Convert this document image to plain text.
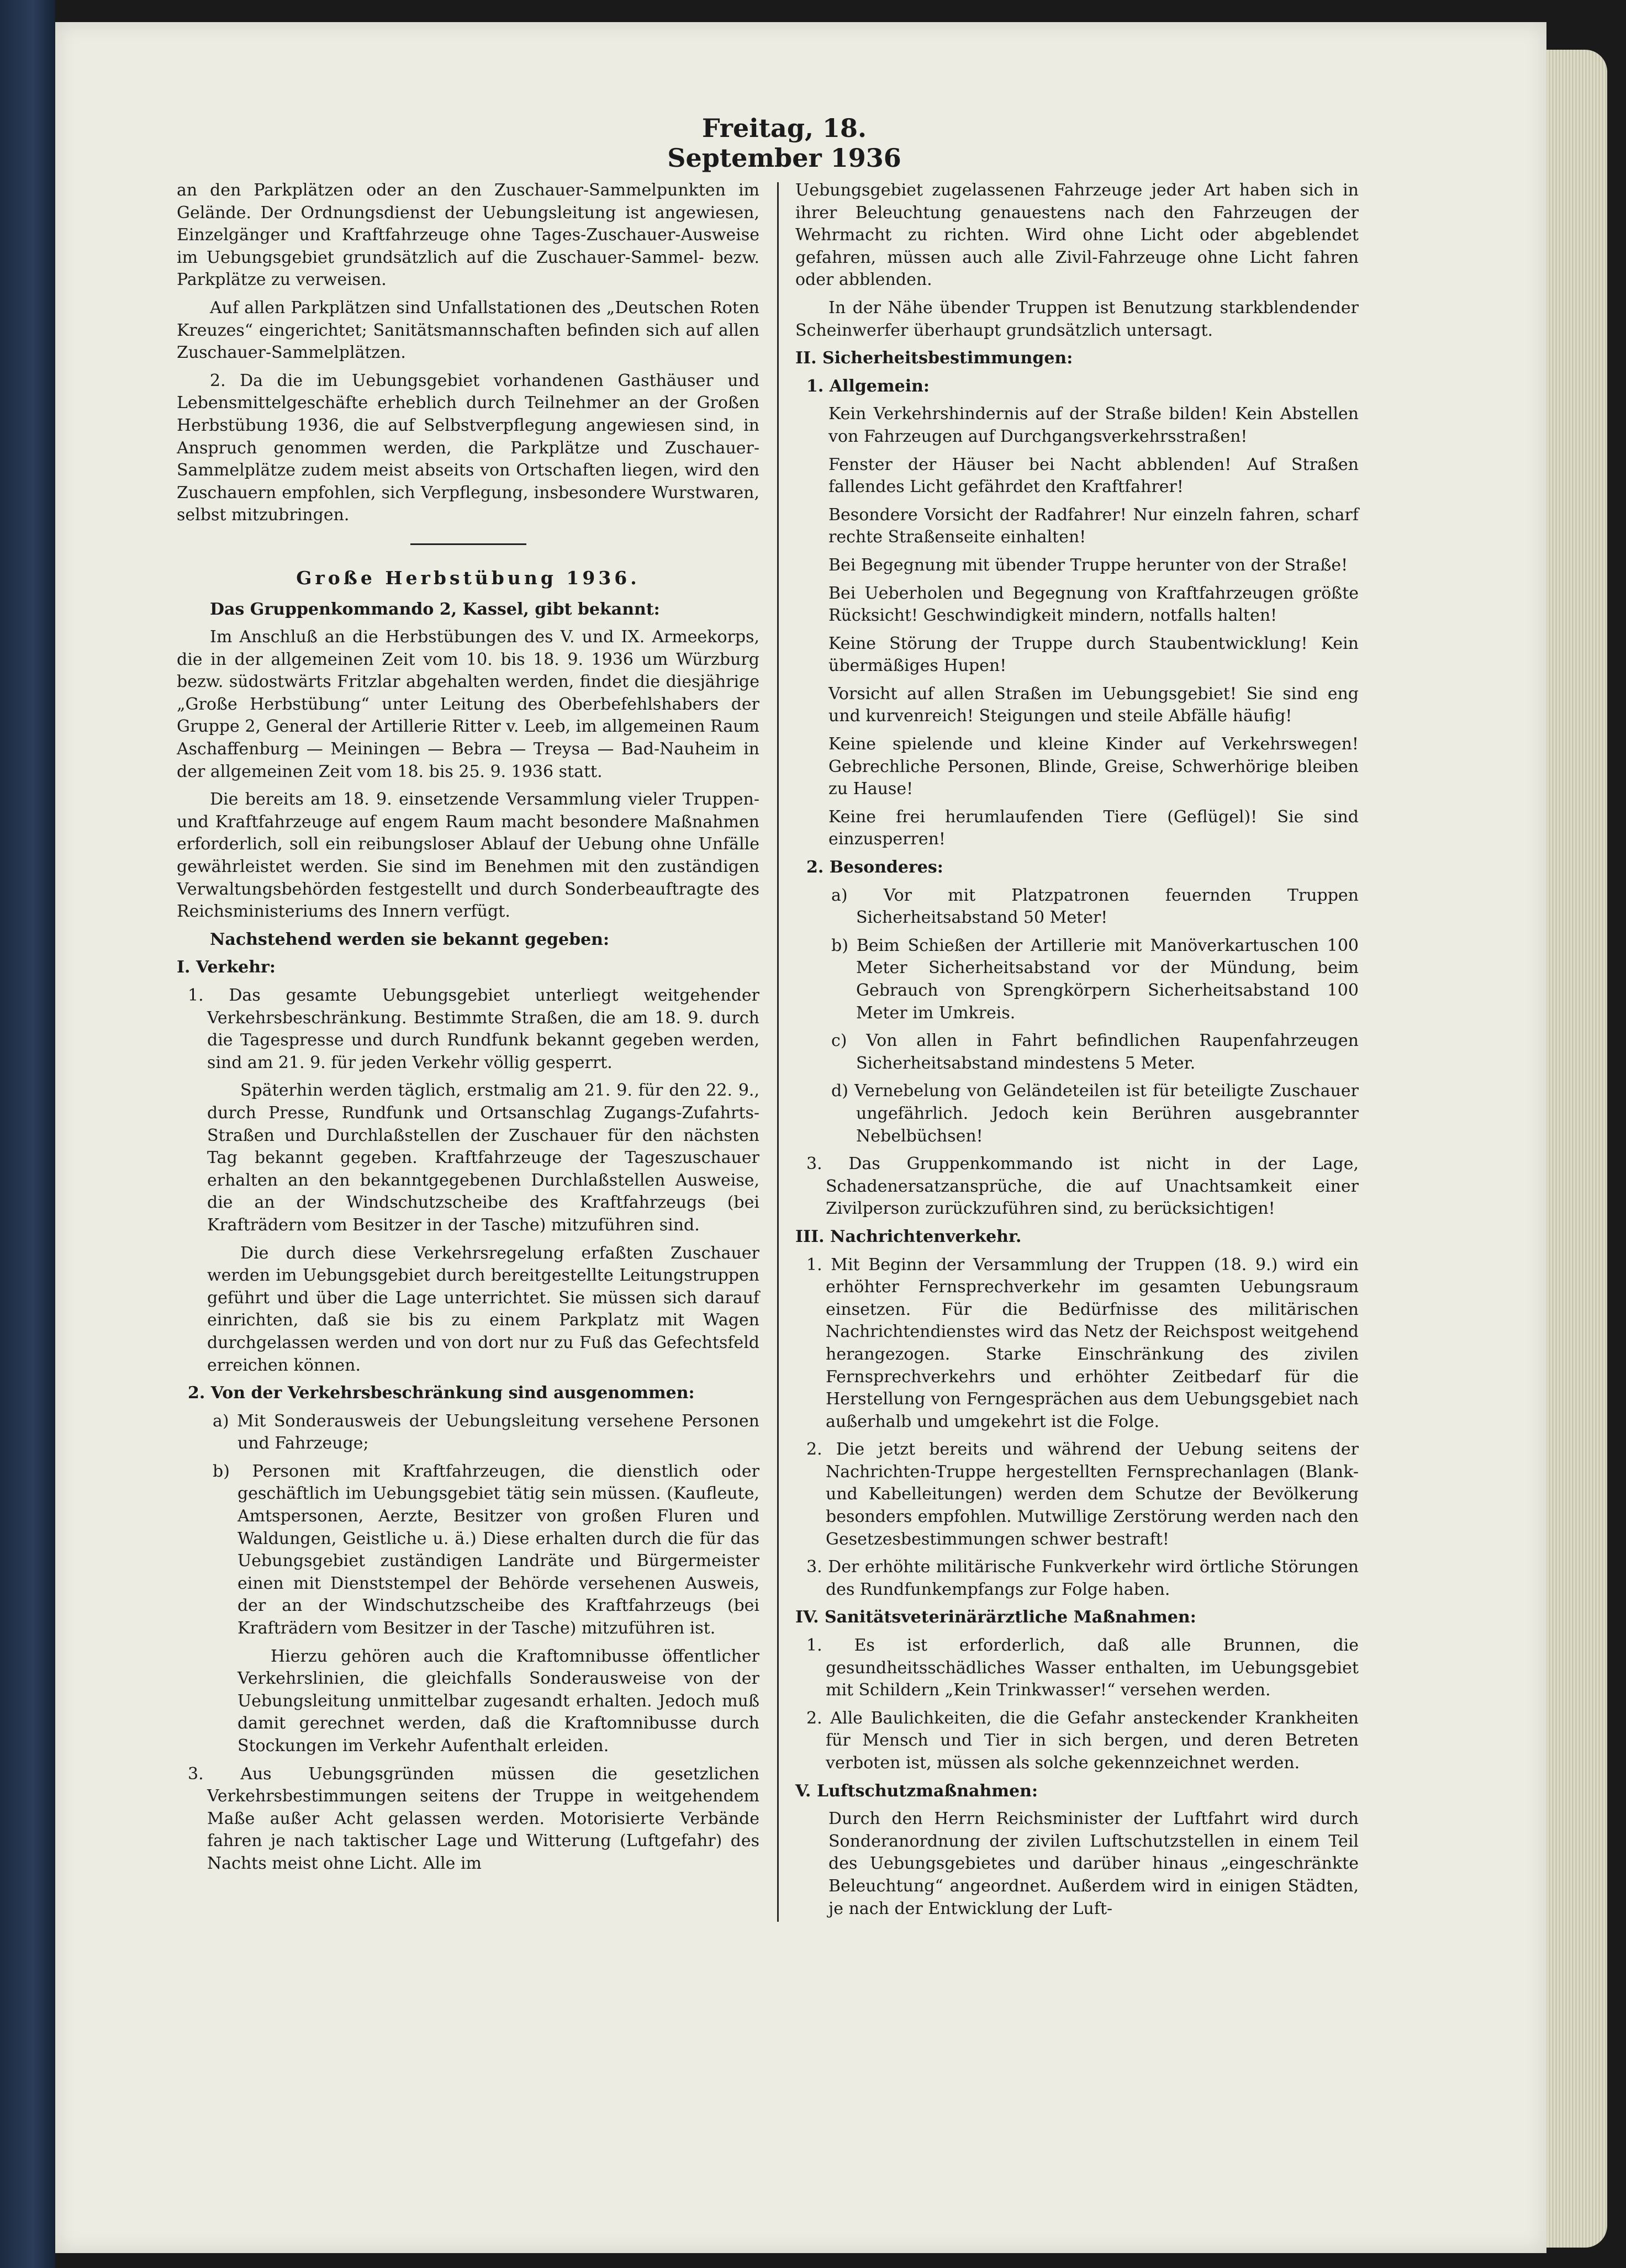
Freitag, 18. September 1936

an den Parkplätzen oder an den Zuschauer-Sammelpunkten im Gelände. Der Ordnungsdienst der Uebungsleitung ist angewiesen, Einzelgänger und Kraftfahrzeuge ohne Tages-Zuschauer-Ausweise im Uebungsgebiet grundsätzlich auf die Zuschauer-Sammel- bezw. Parkplätze zu verweisen.

Auf allen Parkplätzen sind Unfallstationen des „Deutschen Roten Kreuzes“ eingerichtet; Sanitätsmannschaften befinden sich auf allen Zuschauer-Sammelplätzen.

2. Da die im Uebungsgebiet vorhandenen Gasthäuser und Lebensmittelgeschäfte erheblich durch Teilnehmer an der Großen Herbstübung 1936, die auf Selbstverpflegung angewiesen sind, in Anspruch genommen werden, die Parkplätze und Zuschauer-Sammelplätze zudem meist abseits von Ortschaften liegen, wird den Zuschauern empfohlen, sich Verpflegung, insbesondere Wurstwaren, selbst mitzubringen.

Große Herbstübung 1936.

Das Gruppenkommando 2, Kassel, gibt bekannt:

Im Anschluß an die Herbstübungen des V. und IX. Armeekorps, die in der allgemeinen Zeit vom 10. bis 18. 9. 1936 um Würzburg bezw. südostwärts Fritzlar abgehalten werden, findet die diesjährige „Große Herbstübung“ unter Leitung des Oberbefehlshabers der Gruppe 2, General der Artillerie Ritter v. Leeb, im allgemeinen Raum Aschaffenburg — Meiningen — Bebra — Treysa — Bad-Nauheim in der allgemeinen Zeit vom 18. bis 25. 9. 1936 statt.

Die bereits am 18. 9. einsetzende Versammlung vieler Truppen- und Kraftfahrzeuge auf engem Raum macht besondere Maßnahmen erforderlich, soll ein reibungsloser Ablauf der Uebung ohne Unfälle gewährleistet werden. Sie sind im Benehmen mit den zuständigen Verwaltungsbehörden festgestellt und durch Sonderbeauftragte des Reichsministeriums des Innern verfügt.

Nachstehend werden sie bekannt gegeben:

I. Verkehr:

1. Das gesamte Uebungsgebiet unterliegt weitgehender Verkehrsbeschränkung. Bestimmte Straßen, die am 18. 9. durch die Tagespresse und durch Rundfunk bekannt gegeben werden, sind am 21. 9. für jeden Verkehr völlig gesperrt.

Späterhin werden täglich, erstmalig am 21. 9. für den 22. 9., durch Presse, Rundfunk und Ortsanschlag Zugangs-Zufahrts-Straßen und Durchlaßstellen der Zuschauer für den nächsten Tag bekannt gegeben. Kraftfahrzeuge der Tageszuschauer erhalten an den bekanntgegebenen Durchlaßstellen Ausweise, die an der Windschutzscheibe des Kraftfahrzeugs (bei Krafträdern vom Besitzer in der Tasche) mitzuführen sind.

Die durch diese Verkehrsregelung erfaßten Zuschauer werden im Uebungsgebiet durch bereitgestellte Leitungstruppen geführt und über die Lage unterrichtet. Sie müssen sich darauf einrichten, daß sie bis zu einem Parkplatz mit Wagen durchgelassen werden und von dort nur zu Fuß das Gefechtsfeld erreichen können.

2. Von der Verkehrsbeschränkung sind ausgenommen:

a) Mit Sonderausweis der Uebungsleitung versehene Personen und Fahrzeuge;

b) Personen mit Kraftfahrzeugen, die dienstlich oder geschäftlich im Uebungsgebiet tätig sein müssen. (Kaufleute, Amtspersonen, Aerzte, Besitzer von großen Fluren und Waldungen, Geistliche u. ä.) Diese erhalten durch die für das Uebungsgebiet zuständigen Landräte und Bürgermeister einen mit Dienststempel der Behörde versehenen Ausweis, der an der Windschutzscheibe des Kraftfahrzeugs (bei Krafträdern vom Besitzer in der Tasche) mitzuführen ist.

Hierzu gehören auch die Kraftomnibusse öffentlicher Verkehrslinien, die gleichfalls Sonderausweise von der Uebungsleitung unmittelbar zugesandt erhalten. Jedoch muß damit gerechnet werden, daß die Kraftomnibusse durch Stockungen im Verkehr Aufenthalt erleiden.

3. Aus Uebungsgründen müssen die gesetzlichen Verkehrsbestimmungen seitens der Truppe in weitgehendem Maße außer Acht gelassen werden. Motorisierte Verbände fahren je nach taktischer Lage und Witterung (Luftgefahr) des Nachts meist ohne Licht. Alle im

Uebungsgebiet zugelassenen Fahrzeuge jeder Art haben sich in ihrer Beleuchtung genauestens nach den Fahrzeugen der Wehrmacht zu richten. Wird ohne Licht oder abgeblendet gefahren, müssen auch alle Zivil-Fahrzeuge ohne Licht fahren oder abblenden.

In der Nähe übender Truppen ist Benutzung starkblendender Scheinwerfer überhaupt grundsätzlich untersagt.

II. Sicherheitsbestimmungen:

1. Allgemein:

Kein Verkehrshindernis auf der Straße bilden! Kein Abstellen von Fahrzeugen auf Durchgangsverkehrsstraßen!

Fenster der Häuser bei Nacht abblenden! Auf Straßen fallendes Licht gefährdet den Kraftfahrer!

Besondere Vorsicht der Radfahrer! Nur einzeln fahren, scharf rechte Straßenseite einhalten!

Bei Begegnung mit übender Truppe herunter von der Straße!

Bei Ueberholen und Begegnung von Kraftfahrzeugen größte Rücksicht! Geschwindigkeit mindern, notfalls halten!

Keine Störung der Truppe durch Staubentwicklung! Kein übermäßiges Hupen!

Vorsicht auf allen Straßen im Uebungsgebiet! Sie sind eng und kurvenreich! Steigungen und steile Abfälle häufig!

Keine spielende und kleine Kinder auf Verkehrswegen! Gebrechliche Personen, Blinde, Greise, Schwerhörige bleiben zu Hause!

Keine frei herumlaufenden Tiere (Geflügel)! Sie sind einzusperren!

2. Besonderes:

a) Vor mit Platzpatronen feuernden Truppen Sicherheitsabstand 50 Meter!

b) Beim Schießen der Artillerie mit Manöverkartuschen 100 Meter Sicherheitsabstand vor der Mündung, beim Gebrauch von Sprengkörpern Sicherheitsabstand 100 Meter im Umkreis.

c) Von allen in Fahrt befindlichen Raupenfahrzeugen Sicherheitsabstand mindestens 5 Meter.

d) Vernebelung von Geländeteilen ist für beteiligte Zuschauer ungefährlich. Jedoch kein Berühren ausgebrannter Nebelbüchsen!

3. Das Gruppenkommando ist nicht in der Lage, Schadenersatzansprüche, die auf Unachtsamkeit einer Zivilperson zurückzuführen sind, zu berücksichtigen!

III. Nachrichtenverkehr.

1. Mit Beginn der Versammlung der Truppen (18. 9.) wird ein erhöhter Fernsprechverkehr im gesamten Uebungsraum einsetzen. Für die Bedürfnisse des militärischen Nachrichtendienstes wird das Netz der Reichspost weitgehend herangezogen. Starke Einschränkung des zivilen Fernsprechverkehrs und erhöhter Zeitbedarf für die Herstellung von Ferngesprächen aus dem Uebungsgebiet nach außerhalb und umgekehrt ist die Folge.

2. Die jetzt bereits und während der Uebung seitens der Nachrichten-Truppe hergestellten Fernsprechanlagen (Blank- und Kabelleitungen) werden dem Schutze der Bevölkerung besonders empfohlen. Mutwillige Zerstörung werden nach den Gesetzesbestimmungen schwer bestraft!

3. Der erhöhte militärische Funkverkehr wird örtliche Störungen des Rundfunkempfangs zur Folge haben.

IV. Sanitätsveterinärärztliche Maßnahmen:

1. Es ist erforderlich, daß alle Brunnen, die gesundheitsschädliches Wasser enthalten, im Uebungsgebiet mit Schildern „Kein Trinkwasser!“ versehen werden.

2. Alle Baulichkeiten, die die Gefahr ansteckender Krankheiten für Mensch und Tier in sich bergen, und deren Betreten verboten ist, müssen als solche gekennzeichnet werden.

V. Luftschutzmaßnahmen:

Durch den Herrn Reichsminister der Luftfahrt wird durch Sonderanordnung der zivilen Luftschutzstellen in einem Teil des Uebungsgebietes und darüber hinaus „eingeschränkte Beleuchtung“ angeordnet. Außerdem wird in einigen Städten, je nach der Entwicklung der Luft-
